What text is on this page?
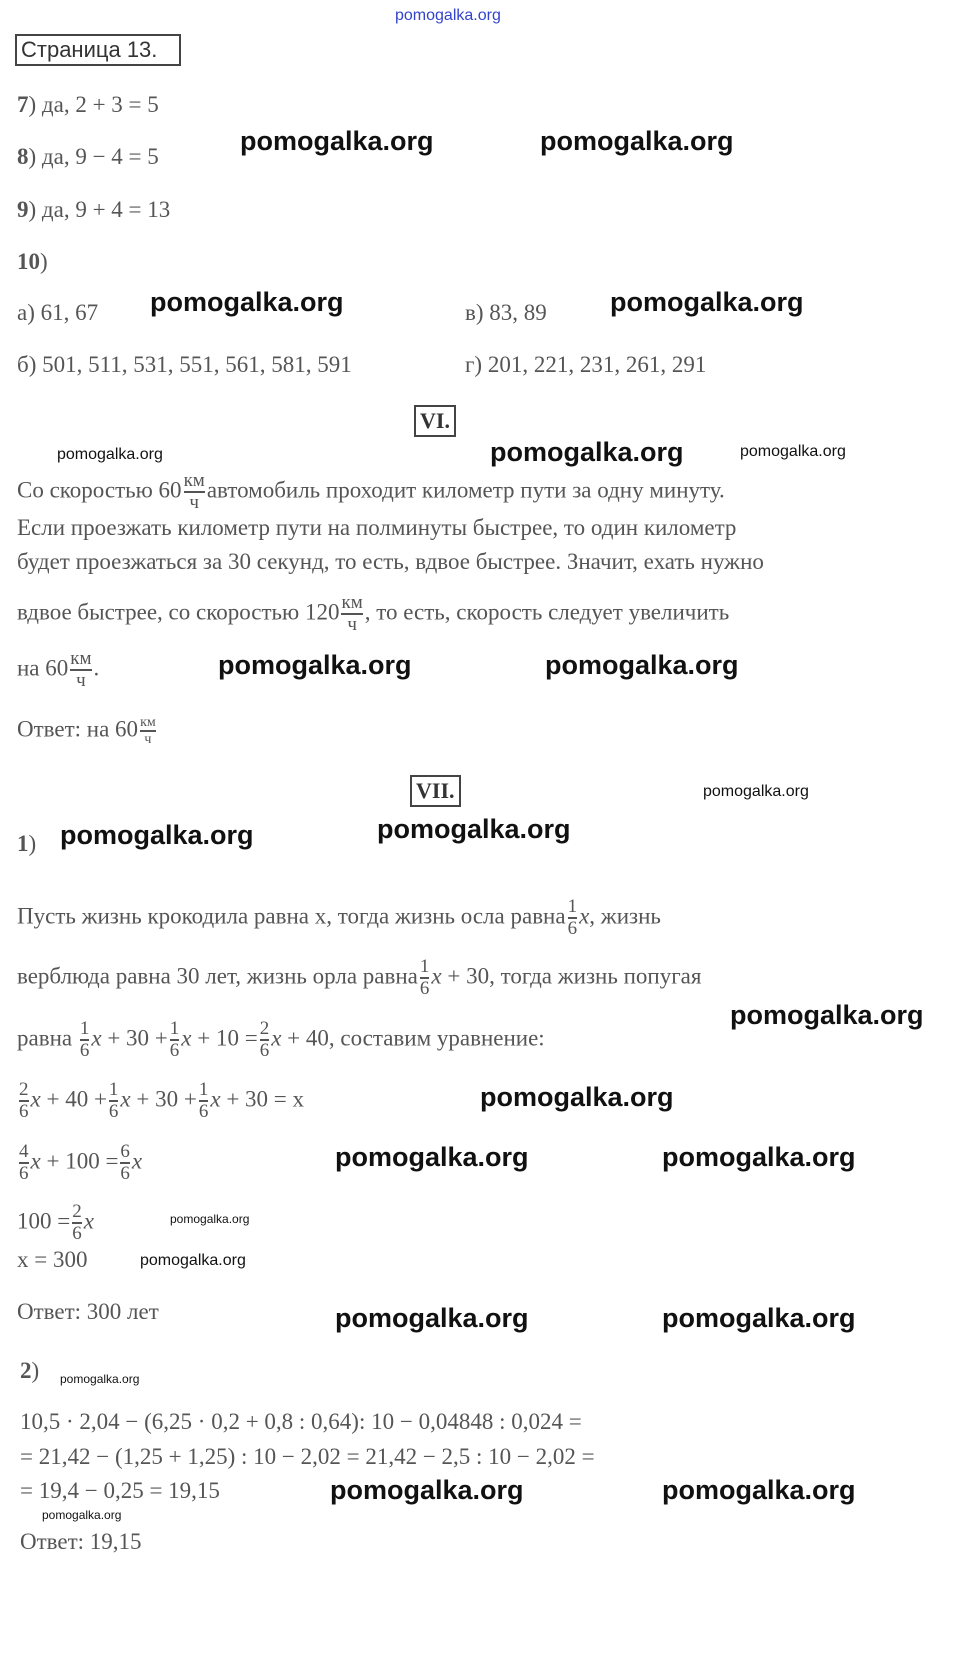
pomogalka.org
Страница 13.
7) да, 2 + 3 = 5
8) да, 9 − 4 = 5
9) да, 9 + 4 = 13
10)
а) 61, 67	в) 83, 89
б) 501, 511, 531, 551, 561, 581, 591	г) 201, 221, 231, 261, 291
VI.
Со скоростью $60 \frac{км}{ч}$ автомобиль проходит километр пути за одну минуту.
Если проезжать километр пути на полминуты быстрее, то один километр
будет проезжаться за 30 секунд, то есть, вдвое быстрее. Значит, ехать нужно
вдвое быстрее, со скоростью $120 \frac{км}{ч}$ , то есть, скорость следует увеличить
на $60 \frac{км}{ч}$ .
Ответ: на $60 \frac{км}{ч}$
VII.
1)
Пусть жизнь крокодила равна x, тогда жизнь осла равна $\frac{1}{6} x$, жизнь
верблюда равна 30 лет, жизнь орла равна $\frac{1}{6}$ x + 30, тогда жизнь попугая
равна $\frac{1}{6}$ $x + 30 + \frac{1}{6}$ $x + 10 = \frac{2}{6}$ x + 40, составим уравнение:
$\frac{2}{6}$ $x + 40 + \frac{1}{6}$ $x + 30 + \frac{1}{6}$ x + 30 = x
$\frac{4}{6}$ $x + 100 = \frac{6}{6}$ x
$100 = \frac{2}{6}$ x
x = 300
Ответ: 300 лет
2)
10,5 · 2,04 − (6,25 · 0,2 + 0,8 : 0,64): 10 − 0,04848 : 0,024 =
= 21,42 − (1,25 + 1,25) : 10 − 2,02 = 21,42 − 2,5 : 10 − 2,02 =
= 19,4 − 0,25 = 19,15
Ответ: 19,15
pomogalka.org	pomogalka.org
pomogalka.org	pomogalka.org
pomogalka.org
pomogalka.org
pomogalka.org
pomogalka.org
pomogalka.org
pomogalka.org
pomogalka.org
pomogalka.org	pomogalka.org
pomogalka.org	pomogalka.org
pomogalka.org	pomogalka.org
pomogalka.org	pomogalka.org
pomogalka.org
pomogalka.org
pomogalka.org
pomogalka.org
pomogalka.org
